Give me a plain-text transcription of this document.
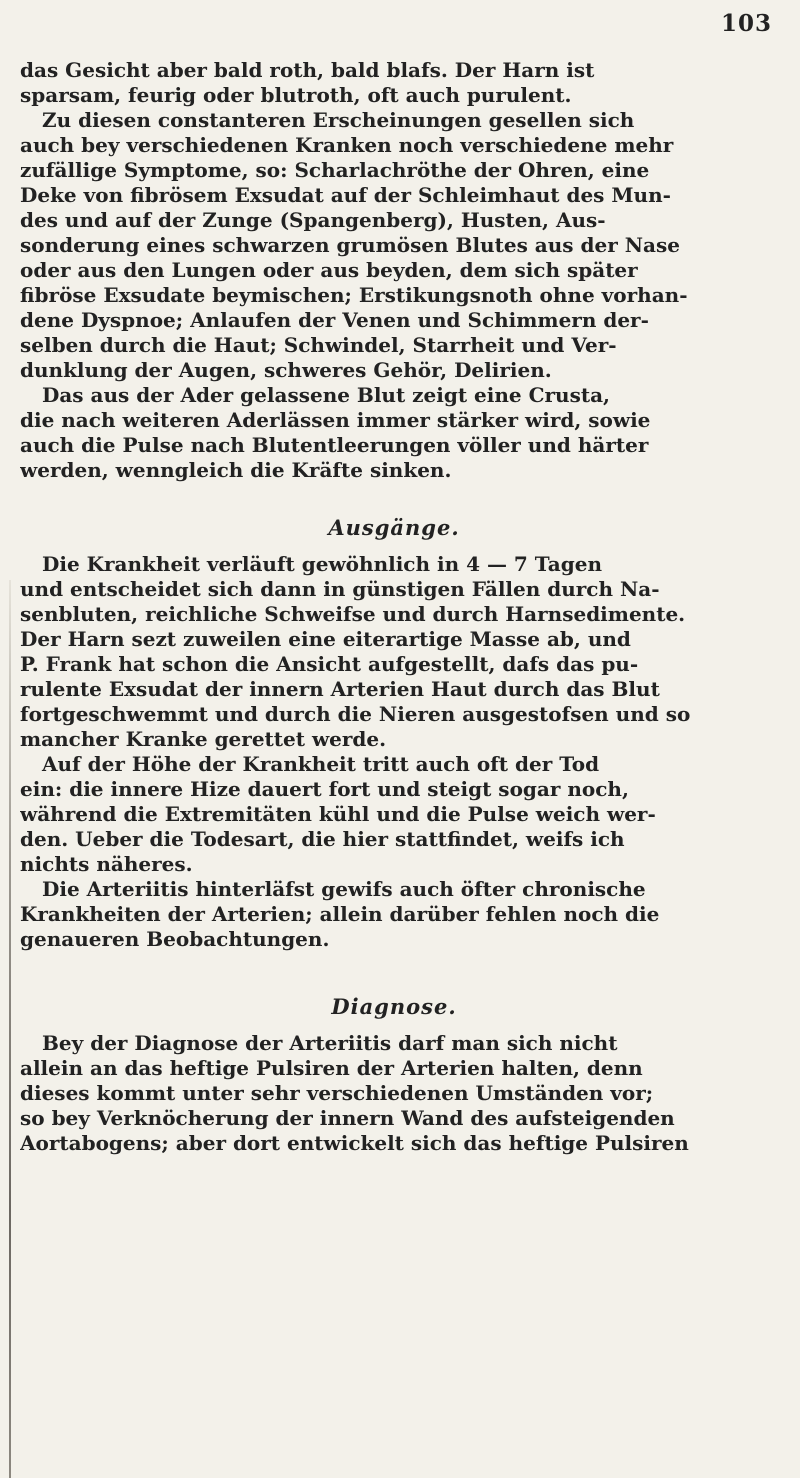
103
das Gesicht aber bald roth, bald blafs. Der Harn ist
sparsam, feurig oder blutroth, oft auch purulent.
Zu diesen constanteren Erscheinungen gesellen sich
auch bey verschiedenen Kranken noch verschiedene mehr
zufällige Symptome, so: Scharlachröthe der Ohren, eine
Deke von fibrösem Exsudat auf der Schleimhaut des Mun-
des und auf der Zunge (Spangenberg), Husten, Aus-
sonderung eines schwarzen grumösen Blutes aus der Nase
oder aus den Lungen oder aus beyden, dem sich später
fibröse Exsudate beymischen; Erstikungsnoth ohne vorhan-
dene Dyspnoe; Anlaufen der Venen und Schimmern der-
selben durch die Haut; Schwindel, Starrheit und Ver-
dunklung der Augen, schweres Gehör, Delirien.
Das aus der Ader gelassene Blut zeigt eine Crusta,
die nach weiteren Aderlässen immer stärker wird, sowie
auch die Pulse nach Blutentleerungen völler und härter
werden, wenngleich die Kräfte sinken.
Ausgänge.
Die Krankheit verläuft gewöhnlich in 4 — 7 Tagen
und entscheidet sich dann in günstigen Fällen durch Na-
senbluten, reichliche Schweifse und durch Harnsedimente.
Der Harn sezt zuweilen eine eiterartige Masse ab, und
P. Frank hat schon die Ansicht aufgestellt, dafs das pu-
rulente Exsudat der innern Arterien Haut durch das Blut
fortgeschwemmt und durch die Nieren ausgestofsen und so
mancher Kranke gerettet werde.
Auf der Höhe der Krankheit tritt auch oft der Tod
ein: die innere Hize dauert fort und steigt sogar noch,
während die Extremitäten kühl und die Pulse weich wer-
den. Ueber die Todesart, die hier stattfindet, weifs ich
nichts näheres.
Die Arteriitis hinterläfst gewifs auch öfter chronische
Krankheiten der Arterien; allein darüber fehlen noch die
genaueren Beobachtungen.
Diagnose.
Bey der Diagnose der Arteriitis darf man sich nicht
allein an das heftige Pulsiren der Arterien halten, denn
dieses kommt unter sehr verschiedenen Umständen vor;
so bey Verknöcherung der innern Wand des aufsteigenden
Aortabogens; aber dort entwickelt sich das heftige Pulsiren
